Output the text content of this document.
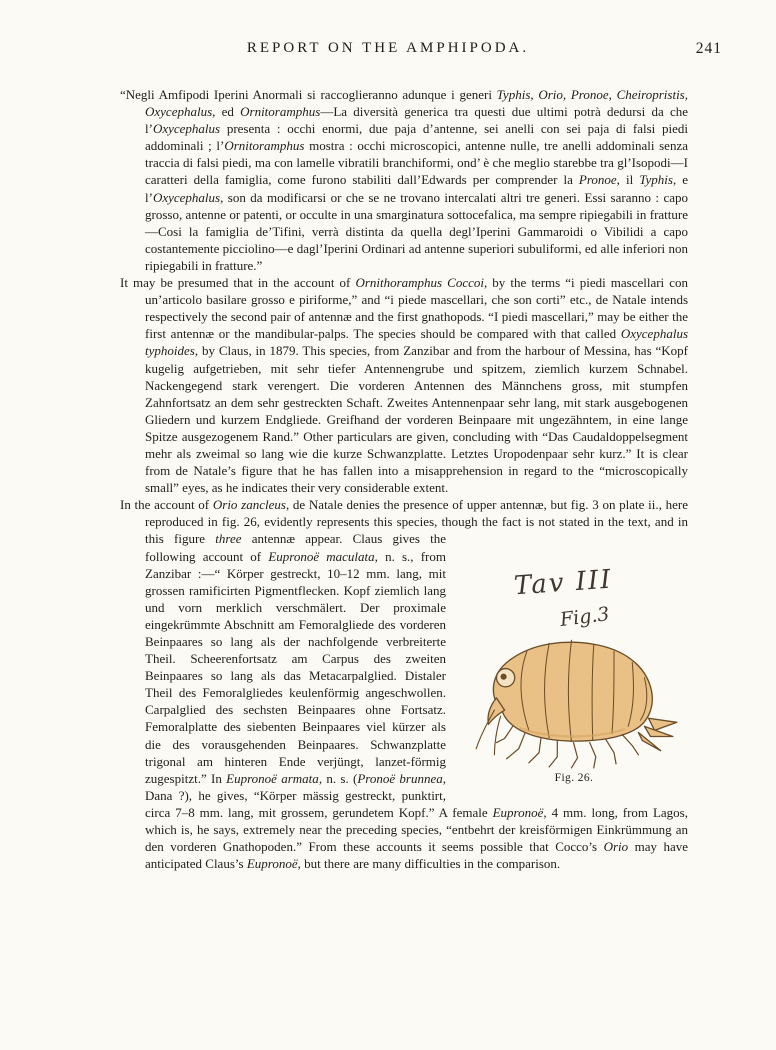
REPORT ON THE AMPHIPODA.	241

“Negli Amfipodi Iperini Anormali si raccoglieranno adunque i generi Typhis, Orio, Pronoe, Cheiropristis, Oxycephalus, ed Ornitoramphus—La diversità generica tra questi due ultimi potrà dedursi da che l’Oxycephalus presenta : occhi enormi, due paja d’antenne, sei anelli con sei paja di falsi piedi addominali ; l’Ornitoramphus mostra : occhi microscopici, antenne nulle, tre anelli addominali senza traccia di falsi piedi, ma con lamelle vibratili branchiformi, ond’ è che meglio starebbe tra gl’Isopodi—I caratteri della famiglia, come furono stabiliti dall’Edwards per comprender la Pronoe, il Typhis, e l’Oxycephalus, son da modificarsi or che se ne trovano intercalati altri tre generi. Essi saranno : capo grosso, antenne or patenti, or occulte in una smarginatura sottocefalica, ma sempre ripiegabili in fratture—Cosi la famiglia de’Tifini, verrà distinta da quella degl’Iperini Gammaroidi o Vibilidi a capo costantemente picciolino—e dagl’Iperini Ordinari ad antenne superiori subuliformi, ed alle inferiori non ripiegabili in fratture.”

It may be presumed that in the account of Ornithoramphus Coccoi, by the terms “i piedi mascellari con un’articolo basilare grosso e piriforme,” and “i piede mascellari, che son corti” etc., de Natale intends respectively the second pair of antennæ and the first gnathopods. “I piedi mascellari,” may be either the first antennæ or the mandibular-palps. The species should be compared with that called Oxycephalus typhoides, by Claus, in 1879. This species, from Zanzibar and from the harbour of Messina, has “Kopf kugelig aufgetrieben, mit sehr tiefer Antennengrube und spitzem, ziemlich kurzem Schnabel. Nackengegend stark verengert. Die vorderen Antennen des Männchens gross, mit stumpfen Zahnfortsatz an dem sehr gestreckten Schaft. Zweites Antennenpaar sehr lang, mit stark ausgebogenen Gliedern und kurzem Endgliede. Greifhand der vorderen Beinpaare mit ungezähntem, in eine lange Spitze ausgezogenem Rand.” Other particulars are given, concluding with “Das Caudaldoppelsegment mehr als zweimal so lang wie die kurze Schwanzplatte. Letztes Uropodenpaar sehr kurz.” It is clear from de Natale’s figure that he has fallen into a misapprehension in regard to the “microscopically small” eyes, as he indicates their very considerable extent.

In the account of Orio zancleus, de Natale denies the presence of upper antennæ, but fig. 3 on plate ii., here reproduced in fig. 26, evidently represents this species, though the fact is not
Tav III
Fig.3
Fig. 26.
stated in the text, and in this figure three antennæ appear. Claus gives the following account of Eupronoë maculata, n. s., from Zanzibar :—“ Körper gestreckt, 10–12 mm. lang, mit grossen ramificirten Pigmentflecken. Kopf ziemlich lang und vorn merklich verschmälert. Der proximale eingekrümmte Abschnitt am Femoralgliede des vorderen Beinpaares so lang als der nachfolgende verbreiterte Theil. Scheerenfortsatz am Carpus des zweiten Beinpaares so lang als das Metacarpalglied. Distaler Theil des Femoralgliedes keulenförmig angeschwollen. Carpalglied des sechsten Beinpaares ohne Fortsatz. Femoralplatte des siebenten Beinpaares viel kürzer als die des vorausgehenden Beinpaares. Schwanzplatte trigonal am hinteren Ende verjüngt, lanzet-förmig zugespitzt.” In Eupronoë armata, n. s. (Pronoë brunnea, Dana ?), he gives, “Körper mässig gestreckt, punktirt, circa 7–8 mm. lang, mit grossem, gerundetem Kopf.” A female Eupronoë, 4 mm. long, from Lagos, which is, he says, extremely near the preceding species, “entbehrt der kreisförmigen Einkrümmung an den vorderen Gnathopoden.” From these accounts it seems possible that Cocco’s Orio may have anticipated Claus’s Eupronoë, but there are many difficulties in the comparison.
